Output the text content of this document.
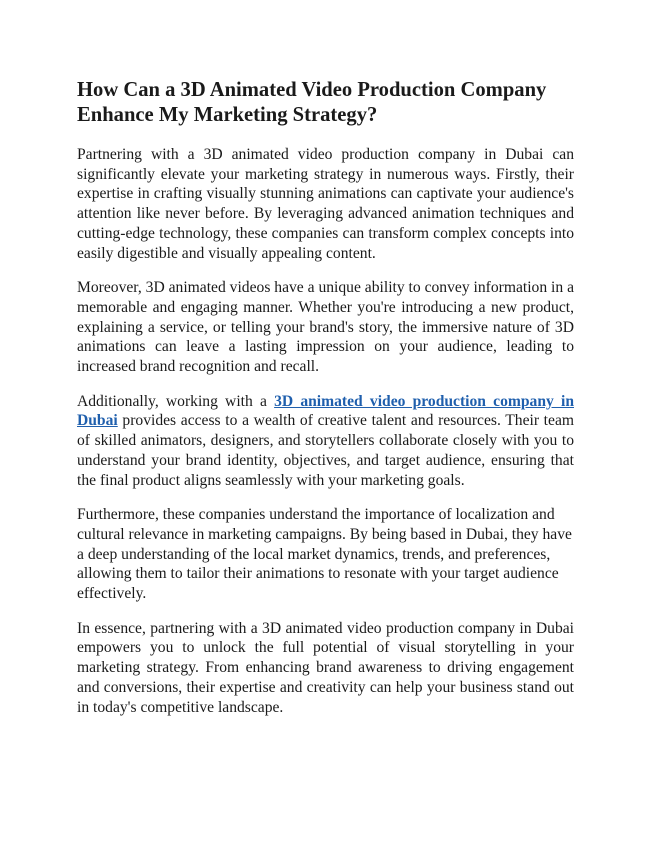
How Can a 3D Animated Video Production Company Enhance My Marketing Strategy?

Partnering with a 3D animated video production company in Dubai can significantly elevate your marketing strategy in numerous ways. Firstly, their expertise in crafting visually stunning animations can captivate your audience's attention like never before. By leveraging advanced animation techniques and cutting-edge technology, these companies can transform complex concepts into easily digestible and visually appealing content.

Moreover, 3D animated videos have a unique ability to convey information in a memorable and engaging manner. Whether you're introducing a new product, explaining a service, or telling your brand's story, the immersive nature of 3D animations can leave a lasting impression on your audience, leading to increased brand recognition and recall.

Additionally, working with a 3D animated video production company in Dubai provides access to a wealth of creative talent and resources. Their team of skilled animators, designers, and storytellers collaborate closely with you to understand your brand identity, objectives, and target audience, ensuring that the final product aligns seamlessly with your marketing goals.

Furthermore, these companies understand the importance of localization and cultural relevance in marketing campaigns. By being based in Dubai, they have a deep understanding of the local market dynamics, trends, and preferences, allowing them to tailor their animations to resonate with your target audience effectively.

In essence, partnering with a 3D animated video production company in Dubai empowers you to unlock the full potential of visual storytelling in your marketing strategy. From enhancing brand awareness to driving engagement and conversions, their expertise and creativity can help your business stand out in today's competitive landscape.
